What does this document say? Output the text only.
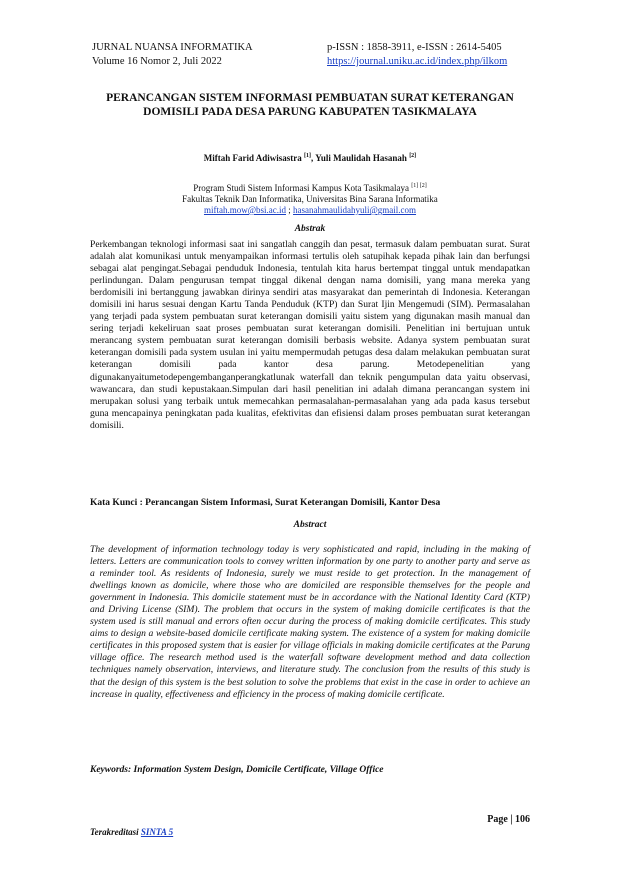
JURNAL NUANSA INFORMATIKA
Volume 16 Nomor 2, Juli 2022
p-ISSN : 1858-3911, e-ISSN : 2614-5405
https://journal.uniku.ac.id/index.php/ilkom
PERANCANGAN SISTEM INFORMASI PEMBUATAN SURAT KETERANGAN DOMISILI PADA DESA PARUNG KABUPATEN TASIKMALAYA
Miftah Farid Adiwisastra [1], Yuli Maulidah Hasanah [2]
Program Studi Sistem Informasi Kampus Kota Tasikmalaya [1] [2]
Fakultas Teknik Dan Informatika, Universitas Bina Sarana Informatika
miftah.mow@bsi.ac.id ; hasanahmaulidahyuli@gmail.com
Abstrak

Perkembangan teknologi informasi saat ini sangatlah canggih dan pesat, termasuk dalam pembuatan surat. Surat adalah alat komunikasi untuk menyampaikan informasi tertulis oleh satupihak kepada pihak lain dan berfungsi sebagai alat pengingat.Sebagai penduduk Indonesia, tentulah kita harus bertempat tinggal untuk mendapatkan perlindungan. Dalam pengurusan tempat tinggal dikenal dengan nama domisili, yang mana mereka yang berdomisili ini bertanggung jawabkan dirinya sendiri atas masyarakat dan pemerintah di Indonesia. Keterangan domisili ini harus sesuai dengan Kartu Tanda Penduduk (KTP) dan Surat Ijin Mengemudi (SIM). Permasalahan yang terjadi pada system pembuatan surat keterangan domisili yaitu sistem yang digunakan masih manual dan sering terjadi kekeliruan saat proses pembuatan surat keterangan domisili. Penelitian ini bertujuan untuk merancang system pembuatan surat keterangan domisili berbasis website. Adanya system pembuatan surat keterangan domisili pada system usulan ini yaitu mempermudah petugas desa dalam melakukan pembuatan surat keterangan domisili pada kantor desa parung. Metodepenelitian yang digunakanyaitumetodepengembanganperangkatlunak waterfall dan teknik pengumpulan data yaitu observasi, wawancara, dan studi kepustakaan.Simpulan dari hasil penelitian ini adalah dimana perancangan system ini merupakan solusi yang terbaik untuk memecahkan permasalahan-permasalahan yang ada pada kasus tersebut guna mencapainya peningkatan pada kualitas, efektivitas dan efisiensi dalam proses pembuatan surat keterangan domisili.

Kata Kunci : Perancangan Sistem Informasi, Surat Keterangan Domisili, Kantor Desa
Abstract

The development of information technology today is very sophisticated and rapid, including in the making of letters. Letters are communication tools to convey written information by one party to another party and serve as a reminder tool. As residents of Indonesia, surely we must reside to get protection. In the management of dwellings known as domicile, where those who are domiciled are responsible themselves for the people and government in Indonesia. This domicile statement must be in accordance with the National Identity Card (KTP) and Driving License (SIM). The problem that occurs in the system of making domicile certificates is that the system used is still manual and errors often occur during the process of making domicile certificates. This study aims to design a website-based domicile certificate making system. The existence of a system for making domicile certificates in this proposed system that is easier for village officials in making domicile certificates at the Parung village office. The research method used is the waterfall software development method and data collection techniques namely observation, interviews, and literature study. The conclusion from the results of this study is that the design of this system is the best solution to solve the problems that exist in the case in order to achieve an increase in quality, effectiveness and efficiency in the process of making domicile certificate.

Keywords: Information System Design, Domicile Certificate, Village Office
Page | 106
Terakreditasi SINTA 5
